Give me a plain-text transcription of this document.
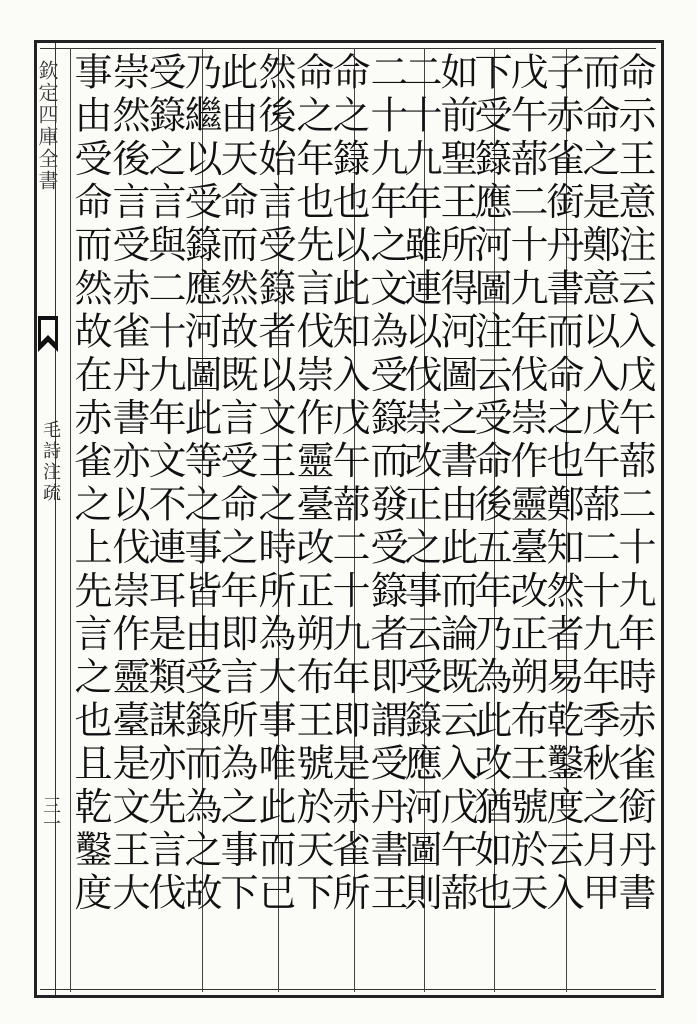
欽定四庫全書
毛詩注疏
三一	命示王意注云入戊午蔀二十九年時赤雀銜丹書
而命之是鄭意以入戊午蔀二十九年季秋之月甲
子赤雀銜丹書而命之也鄭知然者易乾鑿度云入
戊午蔀二十九年伐崇作靈臺改正朔布王號於天
下受籙應河圖注云受命後五年乃為此改猶如也
如前聖王所得河圖之書由此而論既云入戊午蔀
二十九年雖連以伐崇改正之事云受籙應河圖則
二十九年之文為受籙而發受籙者即謂受丹書王
命之籙也以此知入戊午蔀二十九年即是赤雀所
命之年也先言伐崇作靈臺改正朔布王號於天下
然後始言受籙者以文王之時所為大事唯此而已
此由天命而然故既言受命之年即言所為之事下
乃繼以受籙應河圖此等之事皆由受籙而為之故
受籙之言與二十九年文不連耳是類謀亦先言伐
崇然後言受赤雀丹書亦以伐崇作靈臺是文王大
事由受命而然故在赤雀之上先言之也且乾鑿度
